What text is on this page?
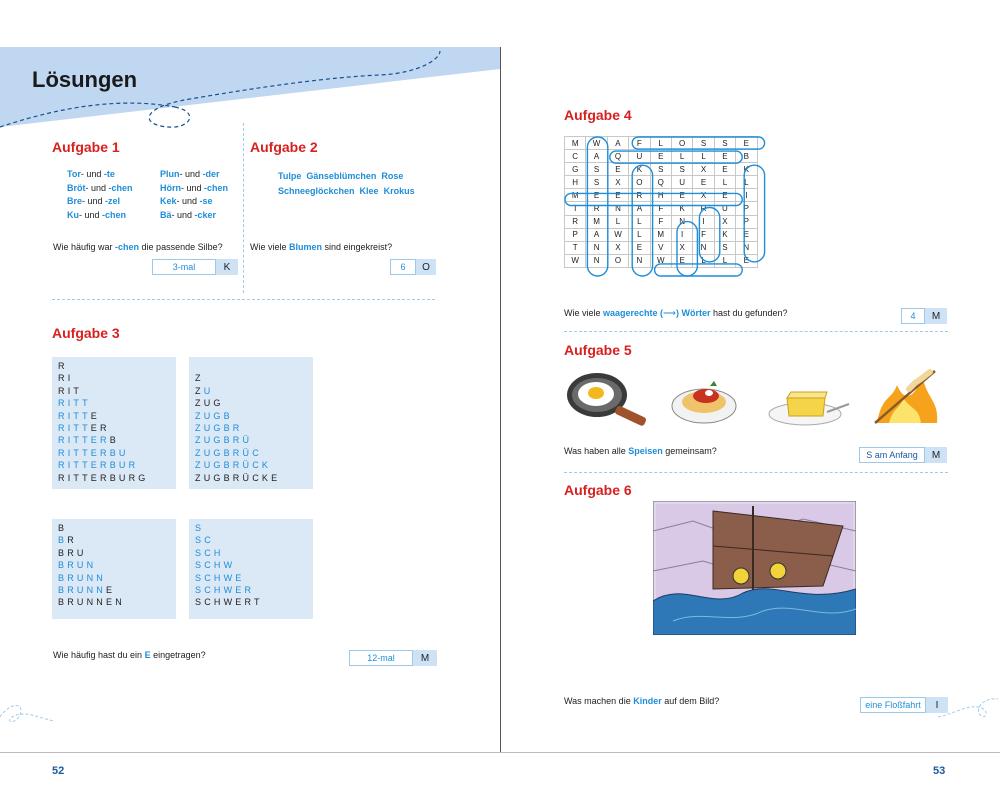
Lösungen
Aufgabe 1
Tor- und -te
Bröt- und -chen
Bre- und -zel
Ku- und -chen
Plun- und -der
Hörn- und -chen
Kek- und -se
Bä- und -cker
Wie häufig war -chen die passende Silbe?
3-mal	K
Aufgabe 2
Tulpe Gänseblümchen Rose
Schneeglöckchen Klee Krokus
Wie viele Blumen sind eingekreist?
6	O
Aufgabe 3
R
RI
RIT
RITT
RITTE
RITTER
RITTERB
RITTERBU
RITTERBUR
RITTERBURG

Z
ZU
ZUG
ZUGB
ZUGBR
ZUGBRÜ
ZUGBRÜC
ZUGBRÜCK
ZUGBRÜCKE
B
BR
BRU
BRUN
BRUNN
BRUNNE
BRUNNEN
S
SC
SCH
SCHW
SCHWE
SCHWER
SCHWERT
Wie häufig hast du ein E eingetragen?	12-mal	M
52
Aufgabe 4
M	W	A	F	L	O	S	S	E
C	A	Q	U	E	L	L	E	B
G	S	E	K	S	S	X	E	K
H	S	X	O	Q	U	E	L	L
M	E	E	R	H	E	X	E	I
I	R	N	A	F	K	R	U	P
R	M	L	L	F	N	I	X	P
P	A	W	L	M	I	F	K	E
T	N	X	E	V	X	N	S	N
W	N	O	N	W	E	L	L	E
Wie viele waagerechte (⟶) Wörter hast du gefunden?	4	M
Aufgabe 5
Was haben alle Speisen gemeinsam?	S am Anfang	M
Aufgabe 6
Was machen die Kinder auf dem Bild?	eine Floßfahrt	I
53
